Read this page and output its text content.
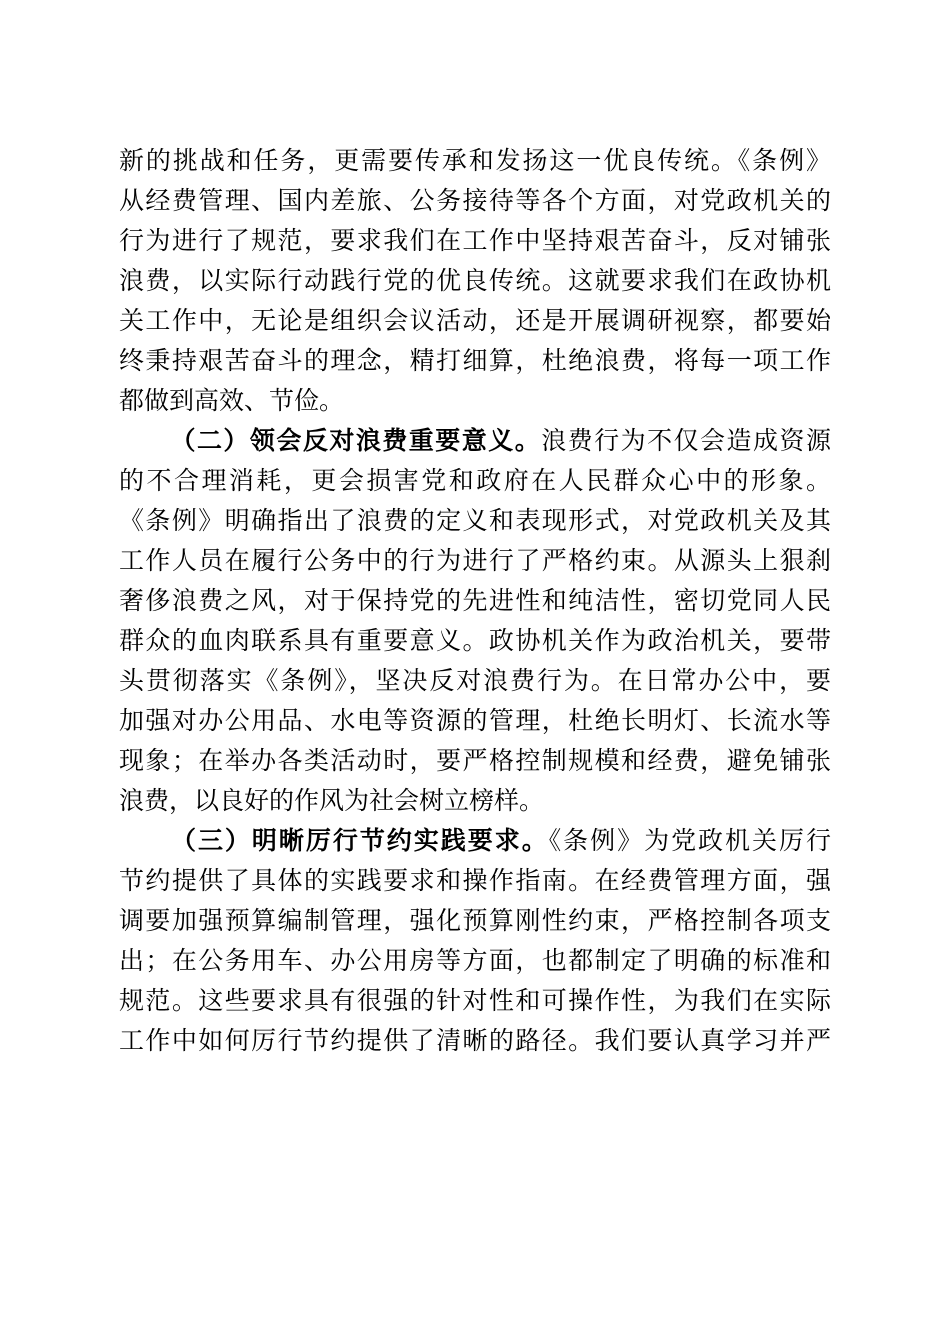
新的挑战和任务，更需要传承和发扬这一优良传统。《条例》
从经费管理、国内差旅、公务接待等各个方面，对党政机关的
行为进行了规范，要求我们在工作中坚持艰苦奋斗，反对铺张
浪费，以实际行动践行党的优良传统。这就要求我们在政协机
关工作中，无论是组织会议活动，还是开展调研视察，都要始
终秉持艰苦奋斗的理念，精打细算，杜绝浪费，将每一项工作
都做到高效、节俭。
（二）领会反对浪费重要意义。浪费行为不仅会造成资源
的不合理消耗，更会损害党和政府在人民群众心中的形象。
《条例》明确指出了浪费的定义和表现形式，对党政机关及其
工作人员在履行公务中的行为进行了严格约束。从源头上狠刹
奢侈浪费之风，对于保持党的先进性和纯洁性，密切党同人民
群众的血肉联系具有重要意义。政协机关作为政治机关，要带
头贯彻落实《条例》，坚决反对浪费行为。在日常办公中，要
加强对办公用品、水电等资源的管理，杜绝长明灯、长流水等
现象；在举办各类活动时，要严格控制规模和经费，避免铺张
浪费，以良好的作风为社会树立榜样。
（三）明晰厉行节约实践要求。《条例》为党政机关厉行
节约提供了具体的实践要求和操作指南。在经费管理方面，强
调要加强预算编制管理，强化预算刚性约束，严格控制各项支
出；在公务用车、办公用房等方面，也都制定了明确的标准和
规范。这些要求具有很强的针对性和可操作性，为我们在实际
工作中如何厉行节约提供了清晰的路径。我们要认真学习并严
